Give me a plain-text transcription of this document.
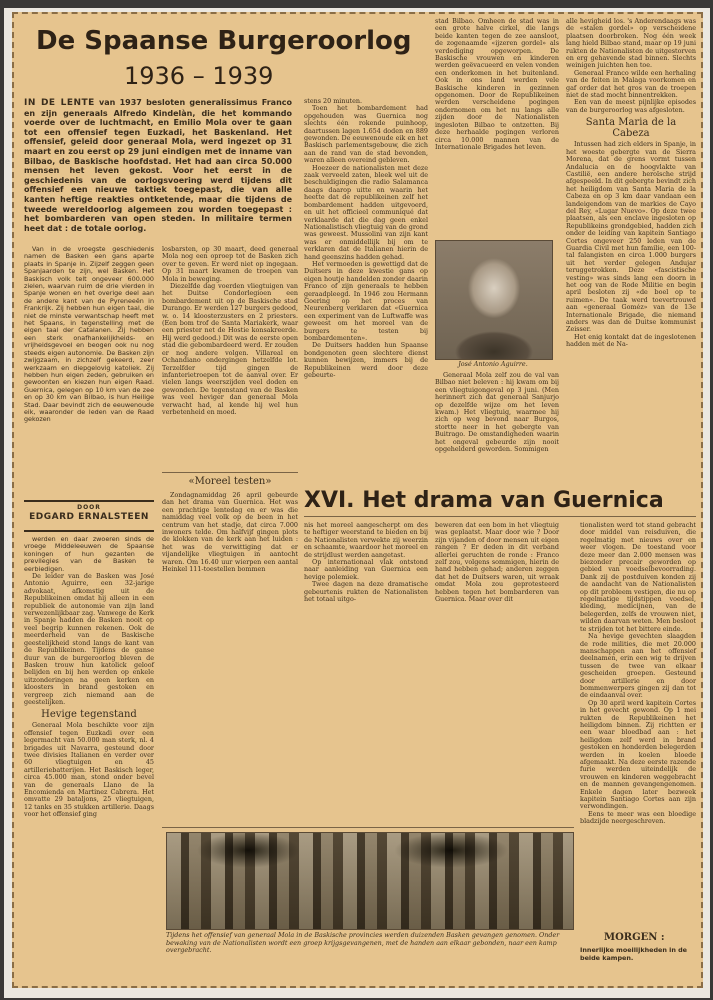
De Spaanse Burgeroorlog
1936 – 1939
IN DE LENTE van 1937 besloten generalissimus Franco en zijn generaals Alfredo Kindelàn, die het kommando voerde over de luchtmacht, en Emilio Mola over te gaan tot een offensief tegen Euzkadi, het Baskenland. Het offensief, geleid door generaal Mola, werd ingezet op 31 maart en zou eerst op 29 juni eindigen met de inname van Bilbao, de Baskische hoofdstad. Het had aan circa 50.000 mensen het leven gekost. Voor het eerst in de geschiedenis van de oorlogsvoering werd tijdens dit offensief een nieuwe taktiek toegepast, die van alle kanten heftige reakties ontketende, maar die tijdens de tweede wereldoorlog algemeen zou worden toegepast : het bombarderen van open steden. In militaire termen heet dat : de totale oorlog.

Van in de vroegste geschiedenis namen de Basken een gans aparte plaats in Spanje in. Zijzelf zeggen geen Spanjaarden te zijn, wel Basken. Het Baskisch volk telt ongeveer 600.000 zielen, waarvan ruim de drie vierden in Spanje wonen en het overige deel aan de andere kant van de Pyreneeën in Frankrijk. Zij hebben hun eigen taal, die niet de minste verwantschap heeft met het Spaans, in tegenstelling met de eigen taal der Catalanen. Zij hebben een sterk onafhankelijkheids- en vrijheidsgevoel en beogen ook nu nog steeds eigen autonomie. De Basken zijn zwijgzaam, in zichzelf gekeerd, zeer werkzaam en diepgelovig katoliek. Zij hebben hun eigen zeden, gebruiken en gewoonten en kiezen hun eigen Raad. Guernica, gelegen op 10 km van de zee en op 30 km van Bilbao, is hun Heilige Stad. Daar bevindt zich de eeuwenoude eik, waaronder de leden van de Raad gekozen

DOOR
EDGARD ERNALSTEEN

werden en daar zwoeren sinds de vroege Middeleeuwen de Spaanse koningen of hun gezanten de previlegies van de Basken te eerbiedigen.

De leider van de Basken was José Antonio Aguirre, een 32-jarige advokaat, afkomstig uit de Republikeinen omdat hij alleen in een republiek de autonomie van zijn land verwezenlijkbaar zag. Vanwege de Kerk in Spanje hadden de Basken nooit op veel begrip kunnen rekenen. Ook de meerderheid van de Baskische geestelijkheid stond langs de kant van de Republikeinen. Tijdens de ganse duur van de burgeroorlog bleven de Basken trouw hun katolick geloof belijden en bij hen werden op enkele uitzonderingen na geen kerken en kloosters in brand gestoken en vergreep zich niemand aan de geestelijken.

Hevige tegenstand

Generaal Mola beschikte voor zijn offensief tegen Euzkadi over een legermacht van 50.000 man sterk, nl. 4 brigades uit Navarra, gesteund door twee divisies Italianen en verder over 60 vliegtuigen en 45 artilleriebatterijen. Het Baskisch leger, circa 45.000 man, stond onder bevel van de generaals Llano de la Encomienda en Martinez Cabrera. Het omvatte 29 bataljons, 25 vliegtuigen, 12 tanks en 35 stukken artillerie. Daags voor het offensief ging

losbarsten, op 30 maart, deed generaal Mola nog een oproep tot de Basken zich over te geven. Er werd niet op ingegaan. Op 31 maart kwamen de troepen van Mola in beweging.

Diezelfde dag voerden vliegtuigen van het Duitse Condorlegioen een bombardement uit op de Baskische stad Durango. Er werden 127 burgers gedood, w. o. 14 kloosterzusters en 2 priesters. (Een bom trof de Santa Mariakerk, waar een priester net de Hostie konsakreerde. Hij werd gedood.) Dit was de eerste open stad die gebombardeerd werd. Er zouden er nog andere volgen. Villareal en Ochandiano ondergingen hetzelfde lot. Terzelfder tijd gingen de infanterietroepen tot de aanval over. Er vielen langs weerszijden veel doden en gewonden. De tegenstand van de Basken was veel heviger dan generaal Mola verwacht had, al kende hij wel hun verbetenheid en moed.

«Moreel testen»

Zondagnamiddag 26 april gebeurde dan het drama van Guernica. Het was een prachtige lentedag en er was die namiddag veel volk op de been in het centrum van het stadje, dat circa 7.000 inwoners telde. Om halfvijf gingen plots de klokken van de kerk aan het luiden : het was de verwittiging dat er vijandelijke vliegtuigen in aantocht waren. Om 16.40 uur wierpen een aantal Heinkel 111-toestellen bommen

stens 20 minuten.

Toen het bombardement had opgehouden was Guernica nog slechts één rokende puinhoop, daartussen lagen 1.654 doden en 889 gewonden. De eeuwenoude eik en het Baskisch parlementsgebouw, die zich aan de rand van de stad bevonden, waren alleen overeind gebleven.

Hoezeer de nationalisten met deze zaak verveeld zaten, bleek wel uit de beschuldigingen die radio Salamanca daags daarop uitte en waarin het heette dat de republikeinen zelf het bombardement hadden uitgevoerd, en uit het officieel communiqué dat verklaarde dat die dag geen enkel Nationalistisch vliegtuig van de grond was geweest. Mussolini van zijn kant was er onmiddellijk bij om te verklaren dat de Italianen hierin de hand geenszins hadden gehad.

Het vermoeden is gewettigd dat de Duitsers in deze kwestie gans op eigen houtje handelden zonder daarin Franco of zijn generaals te hebben geraadpleegd. In 1946 zou Hermann Goering op het proces van Neurenberg verklaren dat «Guernica een experiment van de Luftwaffe was geweest om het moreel van de burgers te testen bij bombardementen».

De Duitsers hadden hun Spaanse bondgenoten geen slechtere dienst kunnen bewijzen, immers bij de Republikeinen werd door deze gebeurte-

stad Bilbao. Omheen de stad was in een grote halve cirkel, die langs beide kanten tegen de zee aansloot, de zogenaamde «ijzeren gordel» als verdediging opgeworpen. De Baskische vrouwen en kinderen werden geëvacueerd en velen vonden een onderkomen in het buitenland. Ook in ons land werden vele Baskische kinderen in gezinnen opgenomen. Door de Republikeinen werden verscheidene pogingen ondernomen om het nu langs alle zijden door de Nationalisten ingesloten Bilbao te ontzetten. Bij deze herhaalde pogingen verloren circa 10.000 mannen van de Internationale Brigades het leven.

José Antonio Aguirre.

Generaal Mola zelf zou de val van Bilbao niet beleven : hij kwam om bij een vliegtuigongeval op 3 juni. (Men herinnert zich dat generaal Sanjurjo op dezelfde wijze om het leven kwam.) Het vliegtuig, waarmee hij zich op weg bevond naar Burgos, stortte neer in het gebergte van Buitrago. De omstandigheden waarin het ongeval gebeurde zijn nooit opgehelderd geworden. Sommigen

alle hevigheid los. 's Anderendaags was de «stalen gordel» op verscheidene plaatsen doorbroken. Nog één week lang hield Bilbao stand, maar op 19 juni rukten de Nationalisten de uitgestorven en erg gehavende stad binnen. Slechts weinigen juichten hen toe.

Generaal Franco wilde een herhaling van de feiten in Malaga voorkomen en gaf order dat het gros van de troepen niet de stad mocht binnentrekken.

Een van de meest pijnlijke episodes van de burgeroorlog was afgesloten.

Santa Maria de la Cabeza

Intussen had zich elders in Spanje, in het woeste gebergte van de Sierra Morena, dat de grens vormt tussen Andalucia en de hoogvlakte van Castilië, een andere heroïsche strijd afgespeeld. In dit gebergte bevindt zich het heiligdom van Santa Maria de la Cabeza en op 3 km daar vandaan een landeigendom van de markies de Cayo del Rey, «Lugar Nuevo». Op deze twee plaatsen, als een enclave ingesloten op Republikeins grondgebied, hadden zich onder de leiding van kapitein Santiago Cortes ongeveer 250 leden van de Guardia Civil met hun familie, een 100-tal falangisten en circa 1.000 burgers uit het verder gelegen Andujar teruggetrokken. Deze «fascistische vesting» was sinds lang een doorn in het oog van de Rode Militie en begin april besloten zij «de boel op te ruimen». De taak werd toevertrouwd aan «generaal Goméz» van de 13e Internationale Brigade, die niemand anders was dan de Duitse kommunist Zeisser.

Het enig kontakt dat de ingeslotenen hadden met de Na-

XVI. Het drama van Guernica

nis het moreel aangescherpt om des te heftiger weerstand te bieden en bij de Nationalisten verwekte zij weerzin en schaamte, waardoor het moreel en de strijdlust werden aangetast.

Op internationaal vlak ontstond naar aanleiding van Guernica een hevige polemiek.

Twee dagen na deze dramatische gebeurtenis rukten de Nationalisten het totaal uitgo-

beweren dat een bom in het vliegtuig was geplaatst. Maar door wie ? Door zijn vijanden of door mensen uit eigen rangen ? Er deden in dit verband allerlei geruchten de ronde : Franco zelf zou, volgens sommigen, hierin de hand hebben gehad; anderen zeggen dat het de Duitsers waren, uit wraak omdat Mola zou geprotesteerd hebben tegen het bombarderen van Guernica. Maar over dit

tionalisten werd tot stand gebracht door middel van reisduiven, die regelmatig met nieuws over en weer vlogen. De toestand voor deze meer dan 2.000 mensen was biezonder precair geworden op gebied van voedselbevoorrading. Dank zij de postduiven konden zij de aandacht van de Nationalisten op dit probleem vestigen, die nu op regelmatige tijdstippen voedsel, kleding, medicijnen, van de belegerden, zelfs de vrouwen niet, wilden daarvan weten. Men besloot te strijden tot het bittere einde.

Na hevige gevechten slaagden de rode milities, die met 20.000 manschappen aan het offensief deelnamen, erin een wig te drijven tussen de twee van elkaar gescheiden groepen. Gesteund door artillerie en door bommenwerpers gingen zij dan tot de eindaanval over.

Op 30 april werd kapitein Cortes in het gevecht gewond. Op 1 mei rukten de Republikeinen het heiligdom binnen. Zij richtten er een waar bloedbad aan : het heiligdom zelf werd in brand gestoken en honderden belegerden werden in koelen bloede afgemaakt. Na deze eerste razende furie werden uiteindelijk de vrouwen en kinderen weggebracht en de mannen gevangengenomen. Enkele dagen later bezweek kapitein Santiago Cortes aan zijn verwondingen.

Eens te meer was een bloedige bladzijde neergeschreven.

Tijdens het offensief van generaal Mola in de Baskische provincies werden duizenden Basken gevangen genomen. Onder bewaking van de Nationalisten wordt een groep krijgsgevangenen, met de handen aan elkaar gebonden, naar een kamp overgebracht.
MORGEN :
Innerlijke moeilijkheden in de beide kampen.
